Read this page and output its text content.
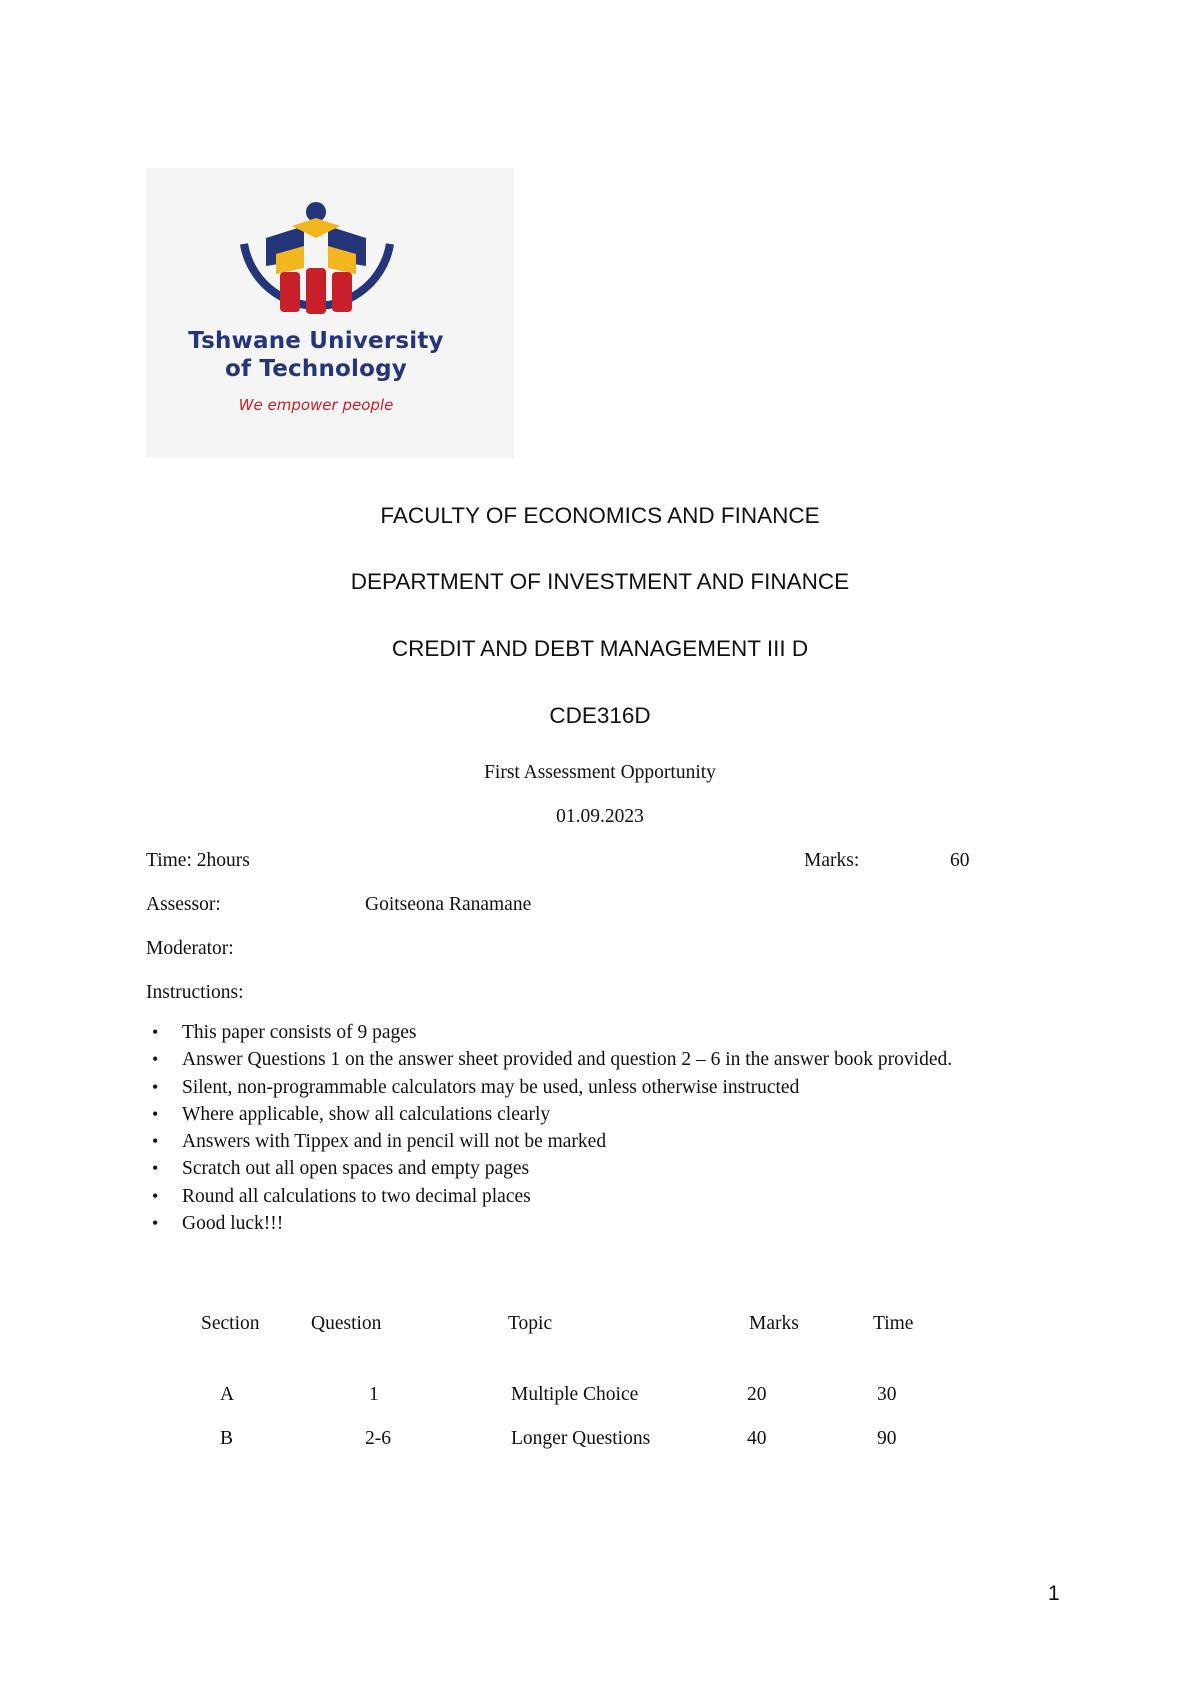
Tshwane University
of Technology
We empower people
FACULTY OF ECONOMICS AND FINANCE
DEPARTMENT OF INVESTMENT AND FINANCE
CREDIT AND DEBT MANAGEMENT III D
CDE316D
First Assessment Opportunity
01.09.2023
Time: 2hours	Marks:	60
Assessor:	Goitseona Ranamane
Moderator:
Instructions:
• This paper consists of 9 pages
• Answer Questions 1 on the answer sheet provided and question 2 – 6 in the answer book provided.
• Silent, non-programmable calculators may be used, unless otherwise instructed
• Where applicable, show all calculations clearly
• Answers with Tippex and in pencil will not be marked
• Scratch out all open spaces and empty pages
• Round all calculations to two decimal places
• Good luck!!!
Section	Question	Topic	Marks	Time
A	1	Multiple Choice	20	30
B	2-6	Longer Questions	40	90
1
